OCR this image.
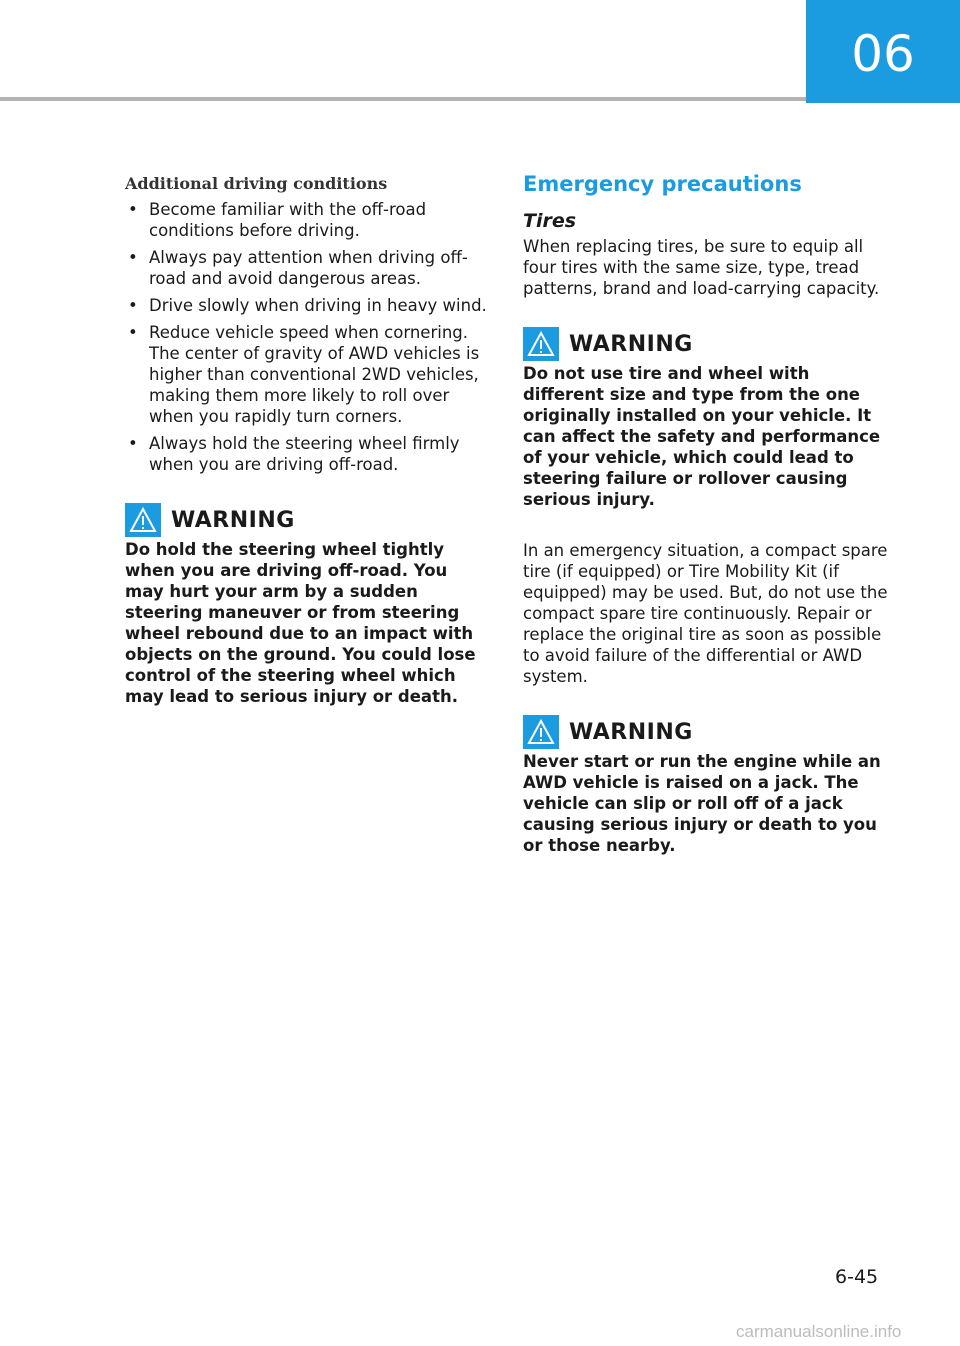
06
Additional driving conditions
• Become familiar with the off-road conditions before driving.
• Always pay attention when driving off-road and avoid dangerous areas.
• Drive slowly when driving in heavy wind.
• Reduce vehicle speed when cornering. The center of gravity of AWD vehicles is higher than conventional 2WD vehicles, making them more likely to roll over when you rapidly turn corners.
• Always hold the steering wheel firmly when you are driving off-road.
WARNING

Do hold the steering wheel tightly when you are driving off-road. You may hurt your arm by a sudden steering maneuver or from steering wheel rebound due to an impact with objects on the ground. You could lose control of the steering wheel which may lead to serious injury or death.

Emergency precautions
Tires

When replacing tires, be sure to equip all four tires with the same size, type, tread patterns, brand and load-carrying capacity.

WARNING

Do not use tire and wheel with different size and type from the one originally installed on your vehicle. It can affect the safety and performance of your vehicle, which could lead to steering failure or rollover causing serious injury.

In an emergency situation, a compact spare tire (if equipped) or Tire Mobility Kit (if equipped) may be used. But, do not use the compact spare tire continuously. Repair or replace the original tire as soon as possible to avoid failure of the differential or AWD system.

WARNING

Never start or run the engine while an AWD vehicle is raised on a jack. The vehicle can slip or roll off of a jack causing serious injury or death to you or those nearby.

6-45
carmanualsonline.info
